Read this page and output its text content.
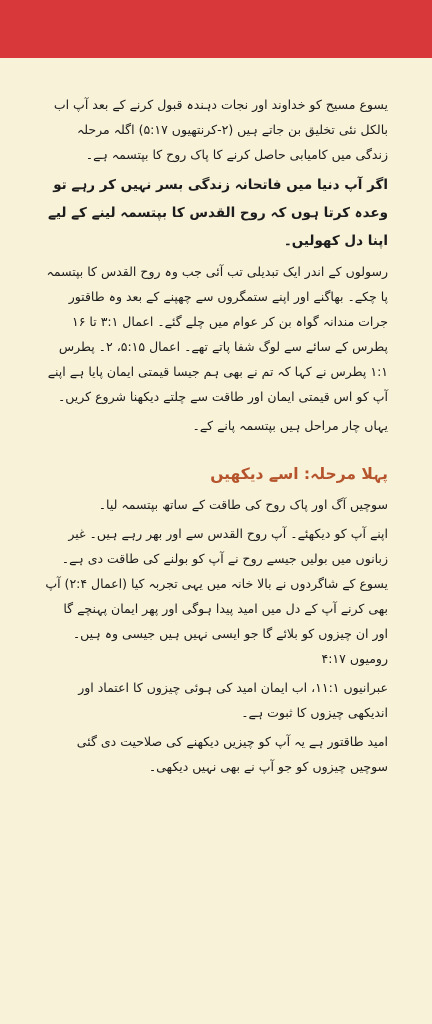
یسوع مسیح کو خداوند اور نجات دہندہ قبول کرنے کے بعد آپ اب بالکل نئی تخلیق بن جاتے ہیں (۲-کرنتھیوں ۵:۱۷) اگلہ مرحلہ زندگی میں کامیابی حاصل کرنے کا پاک روح کا بپتسمہ ہے۔

اگر آپ دنیا میں فاتحانہ زندگی بسر نہیں کر رہے تو وعدہ کرتا ہوں کہ روح القدس کا بپتسمہ لینے کے لیے اپنا دل کھولیں۔

رسولوں کے اندر ایک تبدیلی تب آئی جب وہ روح القدس کا بپتسمہ پا چکے۔ بھاگنے اور اپنے ستمگروں سے چھپنے کے بعد وہ طاقتور جرات مندانہ گواہ بن کر عوام میں چلے گئے۔ اعمال ۳:۱ تا ۱۶ پطرس کے سائے سے لوگ شفا پاتے تھے۔ اعمال ۵:۱۵، ۲۔ پطرس ۱:۱ پطرس نے کہا کہ تم نے بھی ہم جیسا قیمتی ایمان پایا ہے اپنے آپ کو اس قیمتی ایمان اور طاقت سے چلتے دیکھنا شروع کریں۔

یہاں چار مراحل ہیں بپتسمہ پانے کے۔

پہلا مرحلہ: اسے دیکھیں

سوچیں آگ اور پاک روح کی طاقت کے ساتھ بپتسمہ لیا۔

اپنے آپ کو دیکھئے۔ آپ روح القدس سے اور بھر رہے ہیں۔ غیر زبانوں میں بولیں جیسے روح نے آپ کو بولنے کی طاقت دی ہے۔ یسوع کے شاگردوں نے بالا خانہ میں یہی تجربہ کیا (اعمال ۲:۴) آپ بھی کرنے آپ کے دل میں امید پیدا ہوگی اور پھر ایمان پہنچے گا اور ان چیزوں کو بلائے گا جو ایسی نہیں ہیں جیسی وہ ہیں۔ رومیوں ۴:۱۷

عبرانیوں ۱۱:۱، اب ایمان امید کی ہوئی چیزوں کا اعتماد اور اندیکھی چیزوں کا ثبوت ہے۔

امید طاقتور ہے یہ آپ کو چیزیں دیکھنے کی صلاحیت دی گئی سوچیں چیزوں کو جو آپ نے بھی نہیں دیکھی۔
